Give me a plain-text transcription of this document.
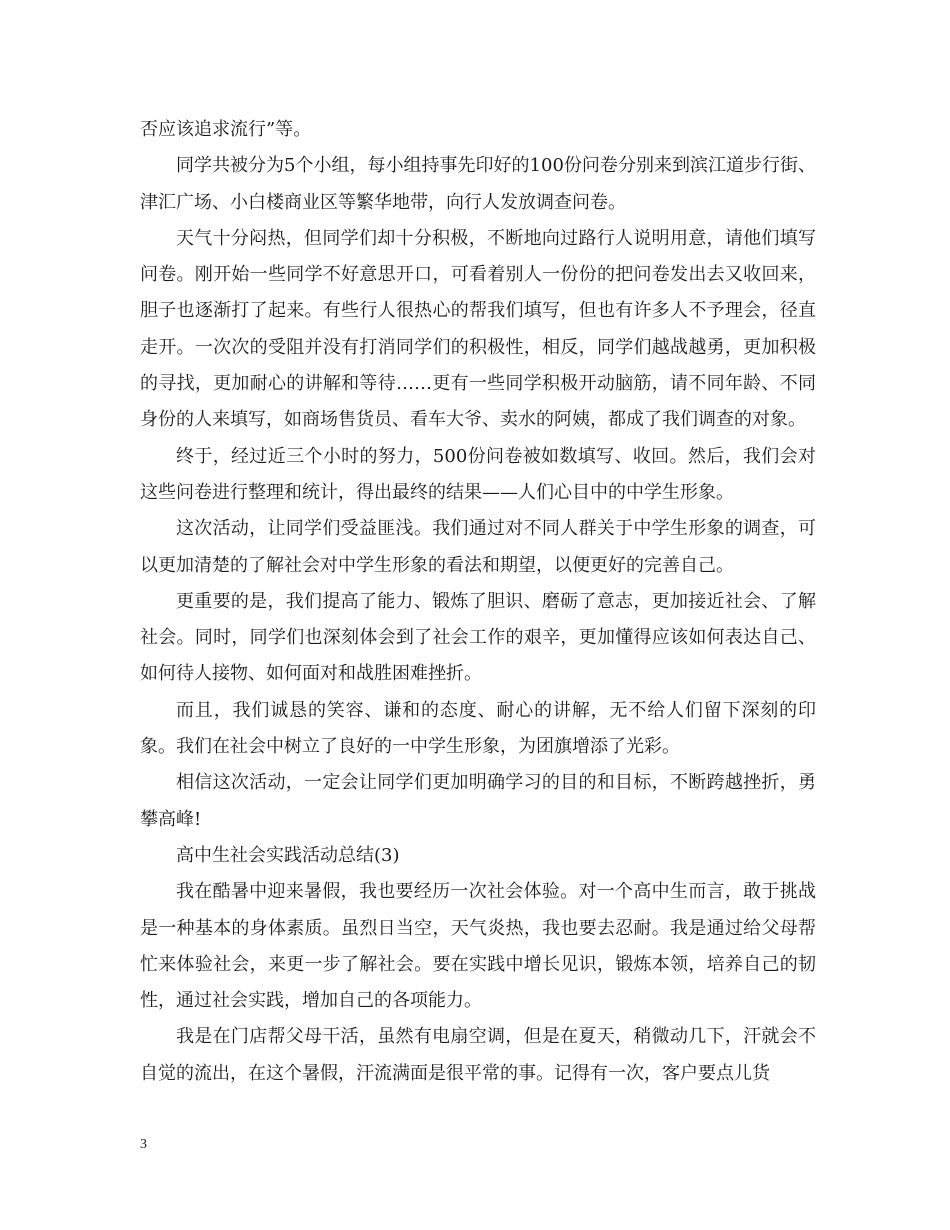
否应该追求流行”等。

同学共被分为5个小组，每小组持事先印好的100份问卷分别来到滨江道步行街、津汇广场、小白楼商业区等繁华地带，向行人发放调查问卷。

天气十分闷热，但同学们却十分积极，不断地向过路行人说明用意，请他们填写问卷。刚开始一些同学不好意思开口，可看着别人一份份的把问卷发出去又收回来，胆子也逐渐打了起来。有些行人很热心的帮我们填写，但也有许多人不予理会，径直走开。一次次的受阻并没有打消同学们的积极性，相反，同学们越战越勇，更加积极的寻找，更加耐心的讲解和等待……更有一些同学积极开动脑筋，请不同年龄、不同身份的人来填写，如商场售货员、看车大爷、卖水的阿姨，都成了我们调查的对象。

终于，经过近三个小时的努力，500份问卷被如数填写、收回。然后，我们会对这些问卷进行整理和统计，得出最终的结果——人们心目中的中学生形象。

这次活动，让同学们受益匪浅。我们通过对不同人群关于中学生形象的调查，可以更加清楚的了解社会对中学生形象的看法和期望，以便更好的完善自己。

更重要的是，我们提高了能力、锻炼了胆识、磨砺了意志，更加接近社会、了解社会。同时，同学们也深刻体会到了社会工作的艰辛，更加懂得应该如何表达自己、如何待人接物、如何面对和战胜困难挫折。

而且，我们诚恳的笑容、谦和的态度、耐心的讲解，无不给人们留下深刻的印象。我们在社会中树立了良好的一中学生形象，为团旗增添了光彩。

相信这次活动，一定会让同学们更加明确学习的目的和目标，不断跨越挫折，勇攀高峰!

高中生社会实践活动总结(3)

我在酷暑中迎来暑假，我也要经历一次社会体验。对一个高中生而言，敢于挑战是一种基本的身体素质。虽烈日当空，天气炎热，我也要去忍耐。我是通过给父母帮忙来体验社会，来更一步了解社会。要在实践中增长见识，锻炼本领，培养自己的韧性，通过社会实践，增加自己的各项能力。

我是在门店帮父母干活，虽然有电扇空调，但是在夏天，稍微动几下，汗就会不自觉的流出，在这个暑假，汗流满面是很平常的事。记得有一次，客户要点儿货

3
